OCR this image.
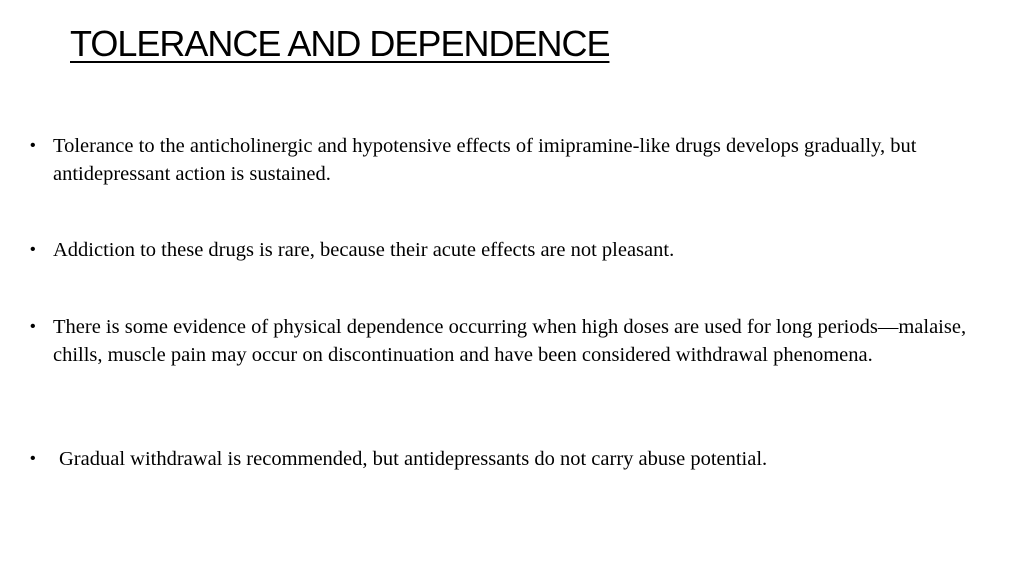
TOLERANCE AND DEPENDENCE
• Tolerance to the anticholinergic and hypotensive effects of imipramine-like drugs develops gradually, but antidepressant action is sustained.
• Addiction to these drugs is rare, because their acute effects are not pleasant.
• There is some evidence of physical dependence occurring when high doses are used for long periods—malaise, chills, muscle pain may occur on discontinuation and have been considered withdrawal phenomena.
•	Gradual withdrawal is recommended, but antidepressants do not carry abuse potential.
